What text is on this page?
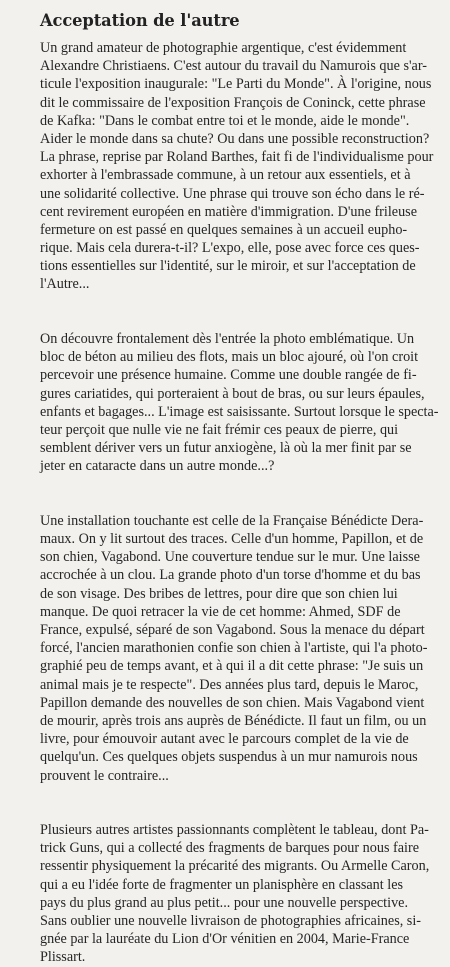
Acceptation de l'autre

Un grand amateur de photographie argentique, c'est évidemment
Alexandre Christiaens. C'est autour du travail du Namurois que s'ar-
ticule l'exposition inaugurale: "Le Parti du Monde". À l'origine, nous
dit le commissaire de l'exposition François de Coninck, cette phrase
de Kafka: "Dans le combat entre toi et le monde, aide le monde".
Aider le monde dans sa chute? Ou dans une possible reconstruction?
La phrase, reprise par Roland Barthes, fait fi de l'individualisme pour
exhorter à l'embrassade commune, à un retour aux essentiels, et à
une solidarité collective. Une phrase qui trouve son écho dans le ré-
cent revirement européen en matière d'immigration. D'une frileuse
fermeture on est passé en quelques semaines à un accueil eupho-
rique. Mais cela durera-t-il? L'expo, elle, pose avec force ces ques-
tions essentielles sur l'identité, sur le miroir, et sur l'acceptation de
l'Autre...

On découvre frontalement dès l'entrée la photo emblématique. Un
bloc de béton au milieu des flots, mais un bloc ajouré, où l'on croit
percevoir une présence humaine. Comme une double rangée de fi-
gures cariatides, qui porteraient à bout de bras, ou sur leurs épaules,
enfants et bagages... L'image est saisissante. Surtout lorsque le specta-
teur perçoit que nulle vie ne fait frémir ces peaux de pierre, qui
semblent dériver vers un futur anxiogène, là où la mer finit par se
jeter en cataracte dans un autre monde...?

Une installation touchante est celle de la Française Bénédicte Dera-
maux. On y lit surtout des traces. Celle d'un homme, Papillon, et de
son chien, Vagabond. Une couverture tendue sur le mur. Une laisse
accrochée à un clou. La grande photo d'un torse d'homme et du bas
de son visage. Des bribes de lettres, pour dire que son chien lui
manque. De quoi retracer la vie de cet homme: Ahmed, SDF de
France, expulsé, séparé de son Vagabond. Sous la menace du départ
forcé, l'ancien marathonien confie son chien à l'artiste, qui l'a photo-
graphié peu de temps avant, et à qui il a dit cette phrase: "Je suis un
animal mais je te respecte". Des années plus tard, depuis le Maroc,
Papillon demande des nouvelles de son chien. Mais Vagabond vient
de mourir, après trois ans auprès de Bénédicte. Il faut un film, ou un
livre, pour émouvoir autant avec le parcours complet de la vie de
quelqu'un. Ces quelques objets suspendus à un mur namurois nous
prouvent le contraire...

Plusieurs autres artistes passionnants complètent le tableau, dont Pa-
trick Guns, qui a collecté des fragments de barques pour nous faire
ressentir physiquement la précarité des migrants. Ou Armelle Caron,
qui a eu l'idée forte de fragmenter un planisphère en classant les
pays du plus grand au plus petit... pour une nouvelle perspective.
Sans oublier une nouvelle livraison de photographies africaines, si-
gnée par la lauréate du Lion d'Or vénitien en 2004, Marie-France
Plissart.
